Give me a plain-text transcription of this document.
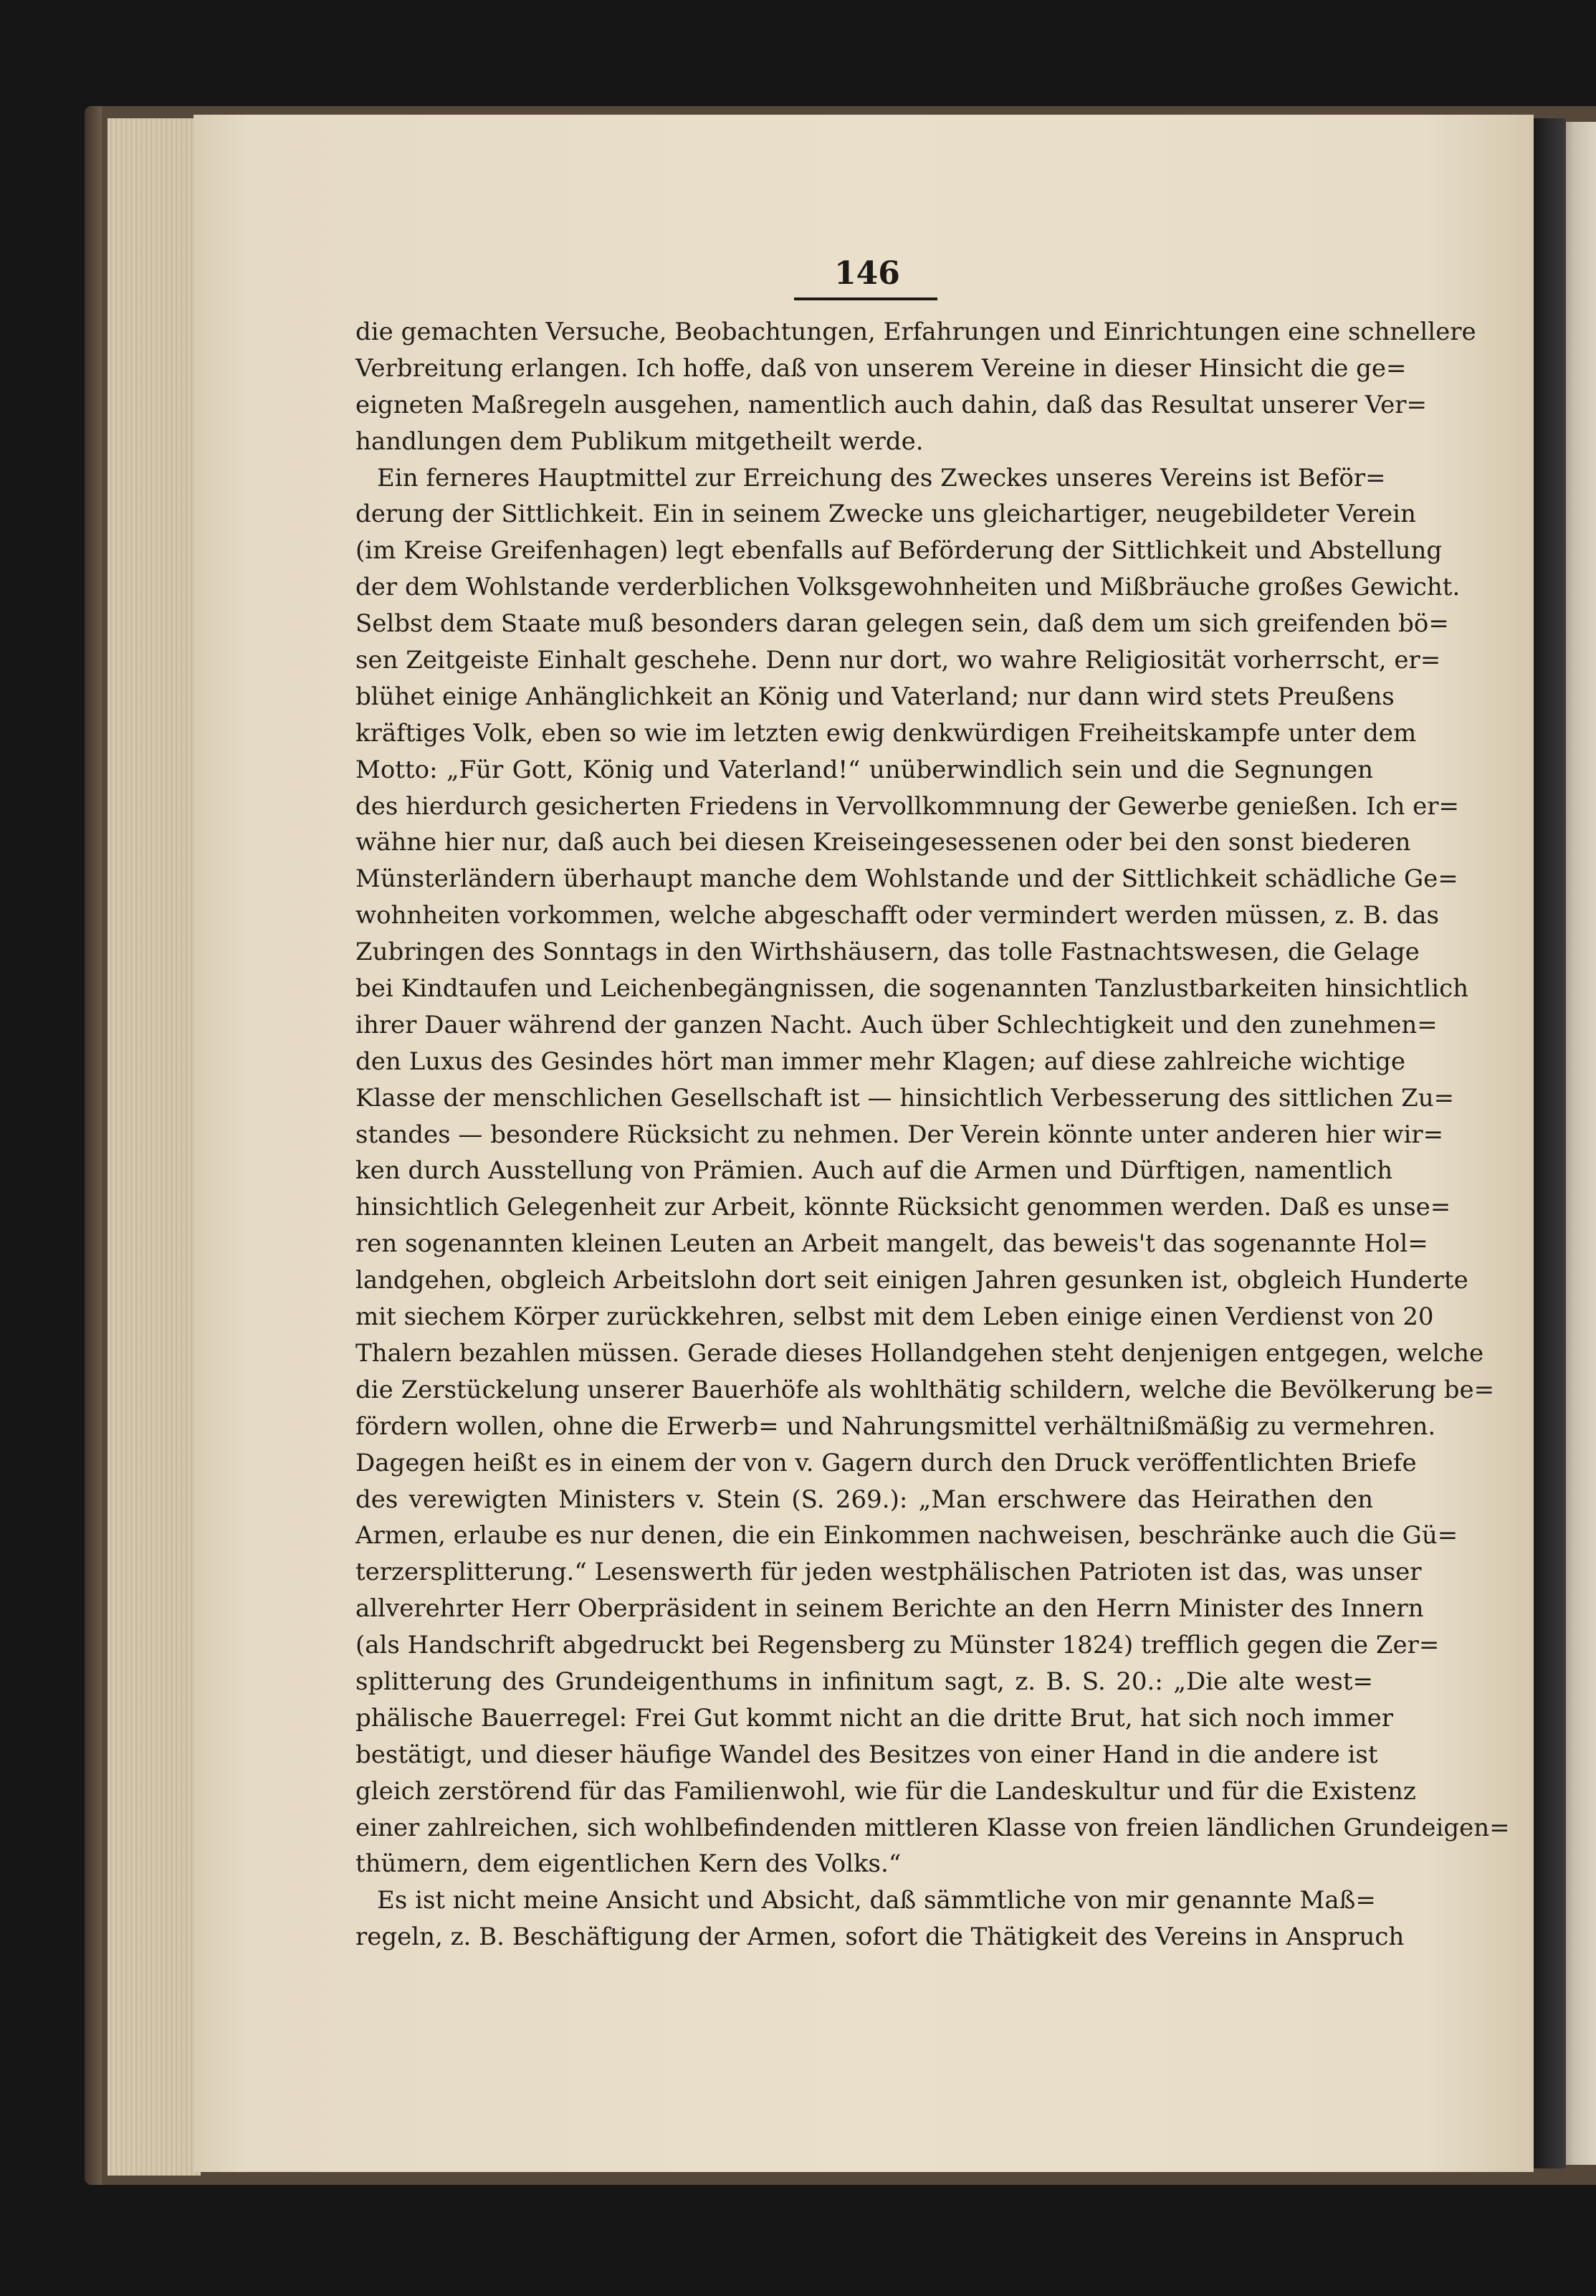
146
die gemachten Versuche, Beobachtungen, Erfahrungen und Einrichtungen eine schnellere
Verbreitung erlangen. Ich hoffe, daß von unserem Vereine in dieser Hinsicht die ge=
eigneten Maßregeln ausgehen, namentlich auch dahin, daß das Resultat unserer Ver=
handlungen dem Publikum mitgetheilt werde.
Ein ferneres Hauptmittel zur Erreichung des Zweckes unseres Vereins ist Beför=
derung der Sittlichkeit. Ein in seinem Zwecke uns gleichartiger, neugebildeter Verein
(im Kreise Greifenhagen) legt ebenfalls auf Beförderung der Sittlichkeit und Abstellung
der dem Wohlstande verderblichen Volksgewohnheiten und Mißbräuche großes Gewicht.
Selbst dem Staate muß besonders daran gelegen sein, daß dem um sich greifenden bö=
sen Zeitgeiste Einhalt geschehe. Denn nur dort, wo wahre Religiosität vorherrscht, er=
blühet einige Anhänglichkeit an König und Vaterland; nur dann wird stets Preußens
kräftiges Volk, eben so wie im letzten ewig denkwürdigen Freiheitskampfe unter dem
Motto: „Für Gott, König und Vaterland!“ unüberwindlich sein und die Segnungen
des hierdurch gesicherten Friedens in Vervollkommnung der Gewerbe genießen. Ich er=
wähne hier nur, daß auch bei diesen Kreiseingesessenen oder bei den sonst biederen
Münsterländern überhaupt manche dem Wohlstande und der Sittlichkeit schädliche Ge=
wohnheiten vorkommen, welche abgeschafft oder vermindert werden müssen, z. B. das
Zubringen des Sonntags in den Wirthshäusern, das tolle Fastnachtswesen, die Gelage
bei Kindtaufen und Leichenbegängnissen, die sogenannten Tanzlustbarkeiten hinsichtlich
ihrer Dauer während der ganzen Nacht. Auch über Schlechtigkeit und den zunehmen=
den Luxus des Gesindes hört man immer mehr Klagen; auf diese zahlreiche wichtige
Klasse der menschlichen Gesellschaft ist — hinsichtlich Verbesserung des sittlichen Zu=
standes — besondere Rücksicht zu nehmen. Der Verein könnte unter anderen hier wir=
ken durch Ausstellung von Prämien. Auch auf die Armen und Dürftigen, namentlich
hinsichtlich Gelegenheit zur Arbeit, könnte Rücksicht genommen werden. Daß es unse=
ren sogenannten kleinen Leuten an Arbeit mangelt, das beweis't das sogenannte Hol=
landgehen, obgleich Arbeitslohn dort seit einigen Jahren gesunken ist, obgleich Hunderte
mit siechem Körper zurückkehren, selbst mit dem Leben einige einen Verdienst von 20
Thalern bezahlen müssen. Gerade dieses Hollandgehen steht denjenigen entgegen, welche
die Zerstückelung unserer Bauerhöfe als wohlthätig schildern, welche die Bevölkerung be=
fördern wollen, ohne die Erwerb= und Nahrungsmittel verhältnißmäßig zu vermehren.
Dagegen heißt es in einem der von v. Gagern durch den Druck veröffentlichten Briefe
des verewigten Ministers v. Stein (S. 269.): „Man erschwere das Heirathen den
Armen, erlaube es nur denen, die ein Einkommen nachweisen, beschränke auch die Gü=
terzersplitterung.“ Lesenswerth für jeden westphälischen Patrioten ist das, was unser
allverehrter Herr Oberpräsident in seinem Berichte an den Herrn Minister des Innern
(als Handschrift abgedruckt bei Regensberg zu Münster 1824) trefflich gegen die Zer=
splitterung des Grundeigenthums in infinitum sagt, z. B. S. 20.: „Die alte west=
phälische Bauerregel: Frei Gut kommt nicht an die dritte Brut, hat sich noch immer
bestätigt, und dieser häufige Wandel des Besitzes von einer Hand in die andere ist
gleich zerstörend für das Familienwohl, wie für die Landeskultur und für die Existenz
einer zahlreichen, sich wohlbefindenden mittleren Klasse von freien ländlichen Grundeigen=
thümern, dem eigentlichen Kern des Volks.“
Es ist nicht meine Ansicht und Absicht, daß sämmtliche von mir genannte Maß=
regeln, z. B. Beschäftigung der Armen, sofort die Thätigkeit des Vereins in Anspruch
